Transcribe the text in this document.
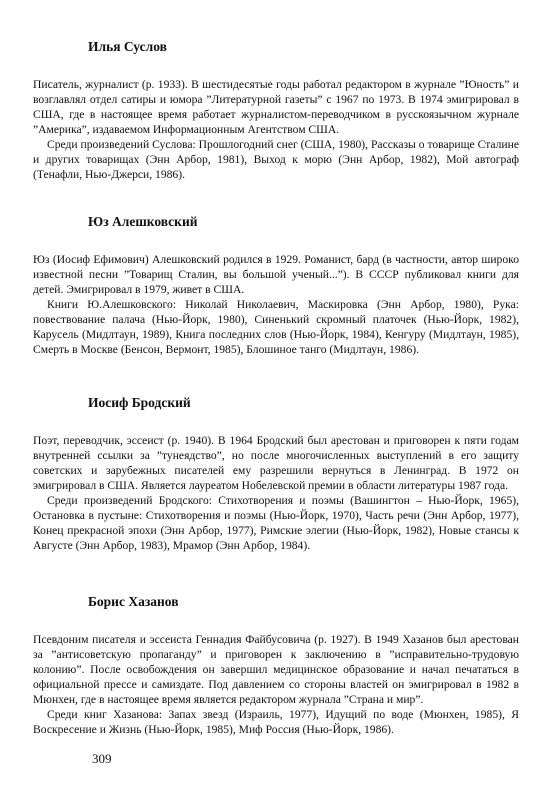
Илья Суслов

Писатель, журналист (р. 1933). В шестидесятые годы работал редактором в журнале ”Юность” и возглавлял отдел сатиры и юмора ”Литературной газеты” с 1967 по 1973. В 1974 эмигрировал в США, где в настоящее время работает журналистом-переводчиком в русскоязычном журнале ”Америка”, издаваемом Информационным Агентством США.

Среди произведений Суслова: Прошлогодний снег (США, 1980), Рассказы о товарище Сталине и других товарищах (Энн Арбор, 1981), Выход к морю (Энн Арбор, 1982), Мой автограф (Тенафли, Нью-Джерси, 1986).

Юз Алешковский

Юз (Иосиф Ефимович) Алешковский родился в 1929. Романист, бард (в частности, автор широко известной песни ”Товарищ Сталин, вы большой ученый...”). В СССР публиковал книги для детей. Эмигрировал в 1979, живет в США.

Книги Ю.Алешковского: Николай Николаевич, Маскировка (Энн Арбор, 1980), Рука: повествование палача (Нью-Йорк, 1980), Синенький скромный платочек (Нью-Йорк, 1982), Карусель (Мидлтаун, 1989), Книга последних слов (Нью-Йорк, 1984), Кенгуру (Мидлтаун, 1985), Смерть в Москве (Бенсон, Вермонт, 1985), Блошиное танго (Мидлтаун, 1986).

Иосиф Бродский

Поэт, переводчик, эссеист (р. 1940). В 1964 Бродский был арестован и приговорен к пяти годам внутренней ссылки за ”тунеядство”, но после многочисленных выступлений в его защиту советских и зарубежных писателей ему разрешили вернуться в Ленинград. В 1972 он эмигрировал в США. Является лауреатом Нобелевской премии в области литературы 1987 года.

Среди произведений Бродского: Стихотворения и поэмы (Вашингтон – Нью-Йорк, 1965), Остановка в пустыне: Стихотворения и поэмы (Нью-Йорк, 1970), Часть речи (Энн Арбор, 1977), Конец прекрасной эпохи (Энн Арбор, 1977), Римские элегии (Нью-Йорк, 1982), Новые стансы к Августе (Энн Арбор, 1983), Мрамор (Энн Арбор, 1984).

Борис Хазанов

Псевдоним писателя и эссеиста Геннадия Файбусовича (р. 1927). В 1949 Хазанов был арестован за ”антисоветскую пропаганду” и приговорен к заключению в ”исправительно-трудовую колонию”. После освобождения он завершил медицинское образование и начал печататься в официальной прессе и самиздате. Под давлением со стороны властей он эмигрировал в 1982 в Мюнхен, где в настоящее время является редактором журнала ”Страна и мир”.

Среди книг Хазанова: Запах звезд (Израиль, 1977), Идущий по воде (Мюнхен, 1985), Я Воскресение и Жизнь (Нью-Йорк, 1985), Миф Россия (Нью-Йорк, 1986).

309
